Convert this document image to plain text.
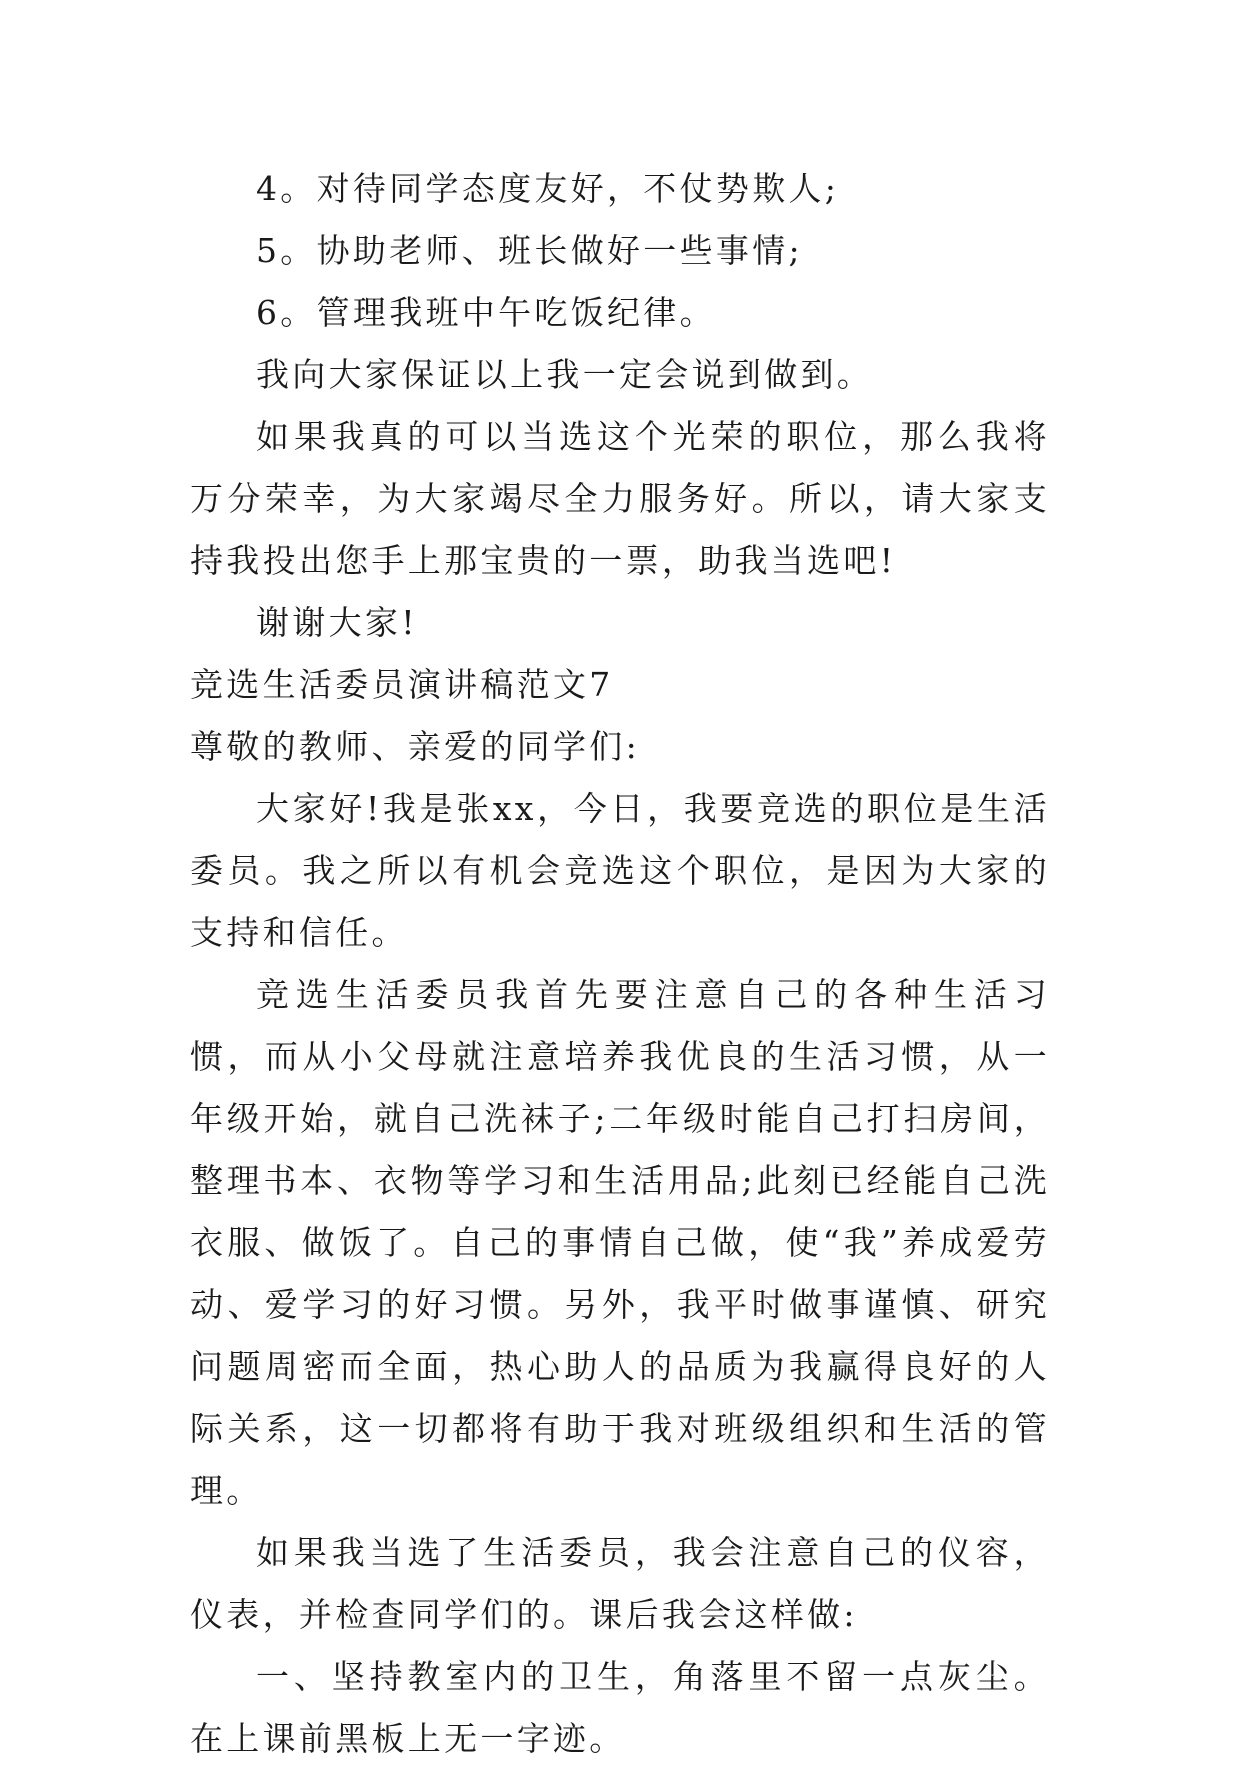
4。对待同学态度友好，不仗势欺人;

5。协助老师、班长做好一些事情;

6。管理我班中午吃饭纪律。

我向大家保证以上我一定会说到做到。

如果我真的可以当选这个光荣的职位，那么我将万分荣幸，为大家竭尽全力服务好。所以，请大家支持我投出您手上那宝贵的一票，助我当选吧!

谢谢大家!

竞选生活委员演讲稿范文7

尊敬的教师、亲爱的同学们:

大家好!我是张xx，今日，我要竞选的职位是生活委员。我之所以有机会竞选这个职位，是因为大家的支持和信任。

竞选生活委员我首先要注意自己的各种生活习惯，而从小父母就注意培养我优良的生活习惯，从一年级开始，就自己洗袜子;二年级时能自己打扫房间，整理书本、衣物等学习和生活用品;此刻已经能自己洗衣服、做饭了。自己的事情自己做，使“我”养成爱劳动、爱学习的好习惯。另外，我平时做事谨慎、研究问题周密而全面，热心助人的品质为我赢得良好的人际关系，这一切都将有助于我对班级组织和生活的管理。

如果我当选了生活委员，我会注意自己的仪容，仪表，并检查同学们的。课后我会这样做:

一、坚持教室内的卫生，角落里不留一点灰尘。在上课前黑板上无一字迹。
